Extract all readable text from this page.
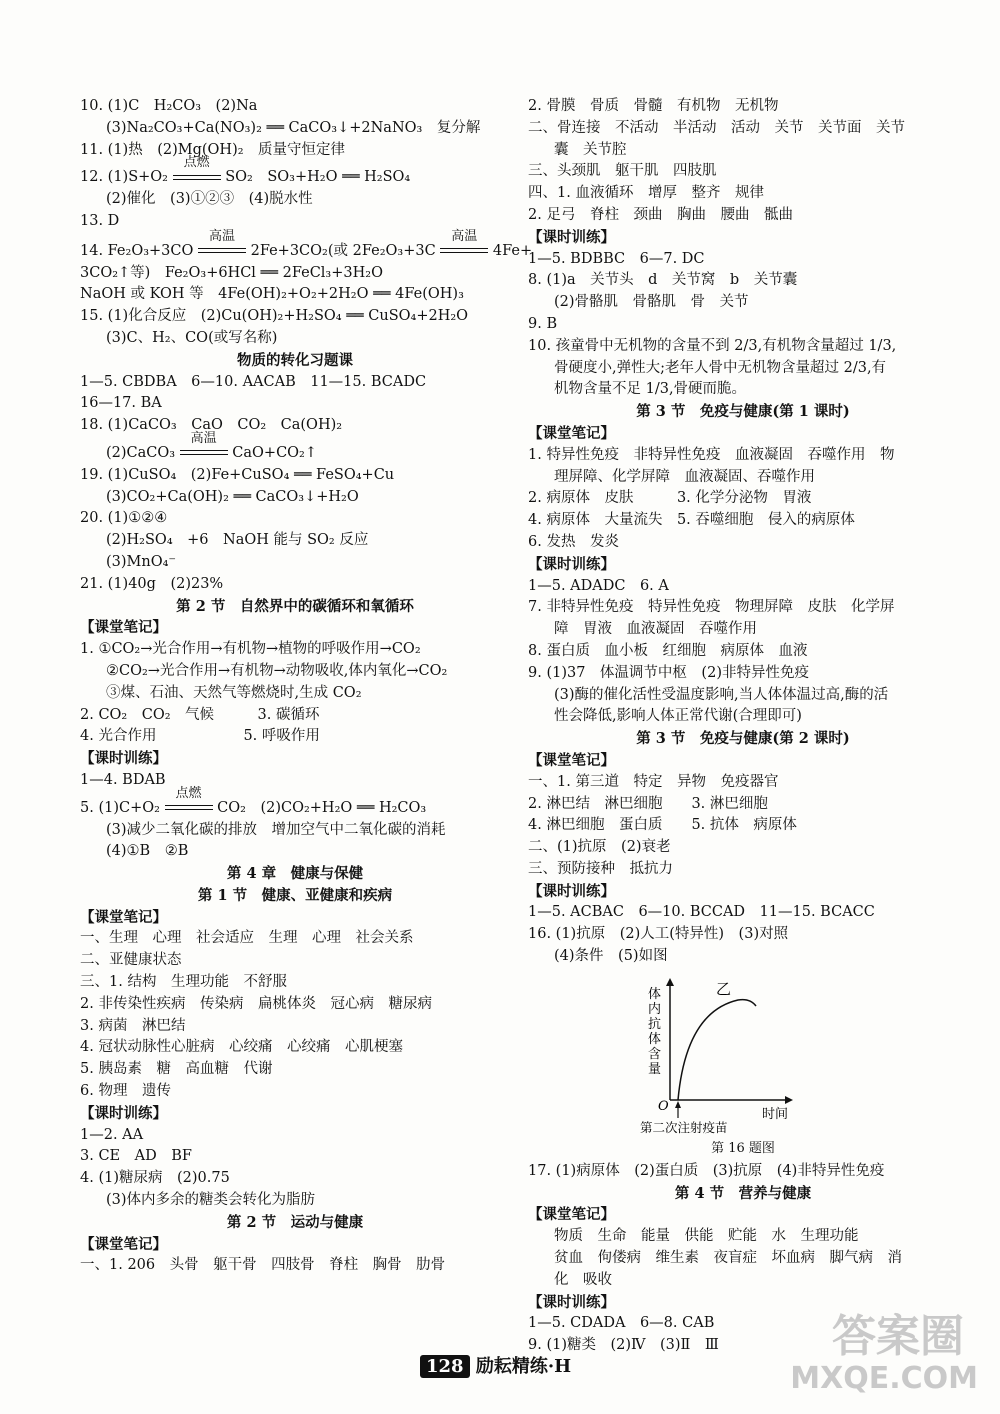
10. (1)C　H₂CO₃　(2)Na
(3)Na₂CO₃+Ca(NO₃)₂ ══ CaCO₃↓+2NaNO₃　复分解
11. (1)热　(2)Mg(OH)₂　质量守恒定律
12. (1)S+O₂
点燃
SO₂　SO₃+H₂O ══ H₂SO₄
(2)催化　(3)①②③　(4)脱水性
13. D
14. Fe₂O₃+3CO
高温
2Fe+3CO₂(或 2Fe₂O₃+3C
高温
4Fe+
3CO₂↑等)　Fe₂O₃+6HCl ══ 2FeCl₃+3H₂O
NaOH 或 KOH 等　4Fe(OH)₂+O₂+2H₂O ══ 4Fe(OH)₃
15. (1)化合反应　(2)Cu(OH)₂+H₂SO₄ ══ CuSO₄+2H₂O
(3)C、H₂、CO(或写名称)
物质的转化习题课
1—5. CBDBA　6—10. AACAB　11—15. BCADC
16—17. BA
18. (1)CaCO₃　CaO　CO₂　Ca(OH)₂
(2)CaCO₃
高温
CaO+CO₂↑
19. (1)CuSO₄　(2)Fe+CuSO₄ ══ FeSO₄+Cu
(3)CO₂+Ca(OH)₂ ══ CaCO₃↓+H₂O
20. (1)①②④
(2)H₂SO₄　+6　NaOH 能与 SO₂ 反应
(3)MnO₄⁻
21. (1)40g　(2)23%
第 2 节　自然界中的碳循环和氧循环
【课堂笔记】
1. ①CO₂→光合作用→有机物→植物的呼吸作用→CO₂
②CO₂→光合作用→有机物→动物吸收,体内氧化→CO₂
③煤、石油、天然气等燃烧时,生成 CO₂
2. CO₂　CO₂　气候　　　3. 碳循环
4. 光合作用　　　　　　5. 呼吸作用
【课时训练】
1—4. BDAB
5. (1)C+O₂
点燃
CO₂　(2)CO₂+H₂O ══ H₂CO₃
(3)减少二氧化碳的排放　增加空气中二氧化碳的消耗
(4)①B　②B
第 4 章　健康与保健
第 1 节　健康、亚健康和疾病
【课堂笔记】
一、生理　心理　社会适应　生理　心理　社会关系
二、亚健康状态
三、1. 结构　生理功能　不舒服
2. 非传染性疾病　传染病　扁桃体炎　冠心病　糖尿病
3. 病菌　淋巴结
4. 冠状动脉性心脏病　心绞痛　心绞痛　心肌梗塞
5. 胰岛素　糖　高血糖　代谢
6. 物理　遗传
【课时训练】
1—2. AA
3. CE　AD　BF
4. (1)糖尿病　(2)0.75
(3)体内多余的糖类会转化为脂肪
第 2 节　运动与健康
【课堂笔记】
一、1. 206　头骨　躯干骨　四肢骨　脊柱　胸骨　肋骨
2. 骨膜　骨质　骨髓　有机物　无机物
二、骨连接　不活动　半活动　活动　关节　关节面　关节
囊　关节腔
三、头颈肌　躯干肌　四肢肌
四、1. 血液循环　增厚　整齐　规律
2. 足弓　脊柱　颈曲　胸曲　腰曲　骶曲
【课时训练】
1—5. BDBBC　6—7. DC
8. (1)a　关节头　d　关节窝　b　关节囊
(2)骨骼肌　骨骼肌　骨　关节
9. B
10. 孩童骨中无机物的含量不到 2/3,有机物含量超过 1/3,
骨硬度小,弹性大;老年人骨中无机物含量超过 2/3,有
机物含量不足 1/3,骨硬而脆。
第 3 节　免疫与健康(第 1 课时)
【课堂笔记】
1. 特异性免疫　非特异性免疫　血液凝固　吞噬作用　物
理屏障、化学屏障　血液凝固、吞噬作用
2. 病原体　皮肤　　　3. 化学分泌物　胃液
4. 病原体　大量流失　5. 吞噬细胞　侵入的病原体
6. 发热　发炎
【课时训练】
1—5. ADADC　6. A
7. 非特异性免疫　特异性免疫　物理屏障　皮肤　化学屏
障　胃液　血液凝固　吞噬作用
8. 蛋白质　血小板　红细胞　病原体　血液
9. (1)37　体温调节中枢　(2)非特异性免疫
(3)酶的催化活性受温度影响,当人体体温过高,酶的活
性会降低,影响人体正常代谢(合理即可)
第 3 节　免疫与健康(第 2 课时)
【课堂笔记】
一、1. 第三道　特定　异物　免疫器官
2. 淋巴结　淋巴细胞　　3. 淋巴细胞
4. 淋巴细胞　蛋白质　　5. 抗体　病原体
二、(1)抗原　(2)衰老
三、预防接种　抵抗力
【课时训练】
1—5. ACBAC　6—10. BCCAD　11—15. BCACC
16. (1)抗原　(2)人工(特异性)　(3)对照
(4)条件　(5)如图
体内抗体含量
O
时间
乙
第二次注射疫苗
第 16 题图
17. (1)病原体　(2)蛋白质　(3)抗原　(4)非特异性免疫
第 4 节　营养与健康
【课堂笔记】
物质　生命　能量　供能　贮能　水　生理功能
贫血　佝偻病　维生素　夜盲症　坏血病　脚气病　消
化　吸收
【课时训练】
1—5. CDADA　6—8. CAB
9. (1)糖类　(2)Ⅳ　(3)Ⅱ　Ⅲ
128 励耘精练·H
答案圈
MXQE.COM
